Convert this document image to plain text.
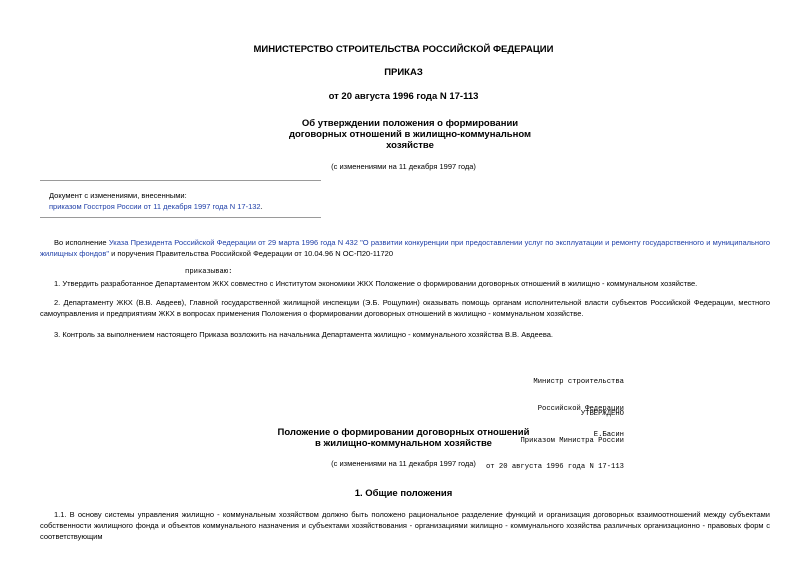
МИНИСТЕРСТВО СТРОИТЕЛЬСТВА РОССИЙСКОЙ ФЕДЕРАЦИИ
ПРИКАЗ
от 20 августа 1996 года N 17-113
Об утверждении положения о формировании
договорных отношений в жилищно-коммунальном
хозяйстве
(с изменениями на 11 декабря 1997 года)
Документ с изменениями, внесенными:
приказом Госстроя России от 11 декабря 1997 года N 17-132.
Во исполнение Указа Президента Российской Федерации от 29 марта 1996 года N 432 "О развитии конкуренции при предоставлении услуг по эксплуатации и ремонту государственного и муниципального жилищных фондов" и поручения Правительства Российской Федерации от 10.04.96 N ОС-П20-11720
приказываю:
1. Утвердить разработанное Департаментом ЖКХ совместно с Институтом экономики ЖКХ Положение о формировании договорных отношений в жилищно - коммунальном хозяйстве.
2. Департаменту ЖКХ (В.В. Авдеев), Главной государственной жилищной инспекции (Э.Б. Рощупкин) оказывать помощь органам исполнительной власти субъектов Российской Федерации, местного самоуправления и предприятиям ЖКХ в вопросах применения Положения о формировании договорных отношений в жилищно - коммунальном хозяйстве.
3. Контроль за выполнением настоящего Приказа возложить на начальника Департамента жилищно - коммунального хозяйства В.В. Авдеева.

Министр строительства

Российской Федерации

Е.Басин

УТВЕРЖДЕНО

Приказом Министра России

от 20 августа 1996 года N 17-113

Положение о формировании договорных отношений
в жилищно-коммунальном хозяйстве
(с изменениями на 11 декабря 1997 года)
1. Общие положения
1.1. В основу системы управления жилищно - коммунальным хозяйством должно быть положено рациональное разделение функций и организация договорных взаимоотношений между субъектами собственности жилищного фонда и объектов коммунального назначения и субъектами хозяйствования - организациями жилищно - коммунального хозяйства различных организационно - правовых форм с соответствующим
